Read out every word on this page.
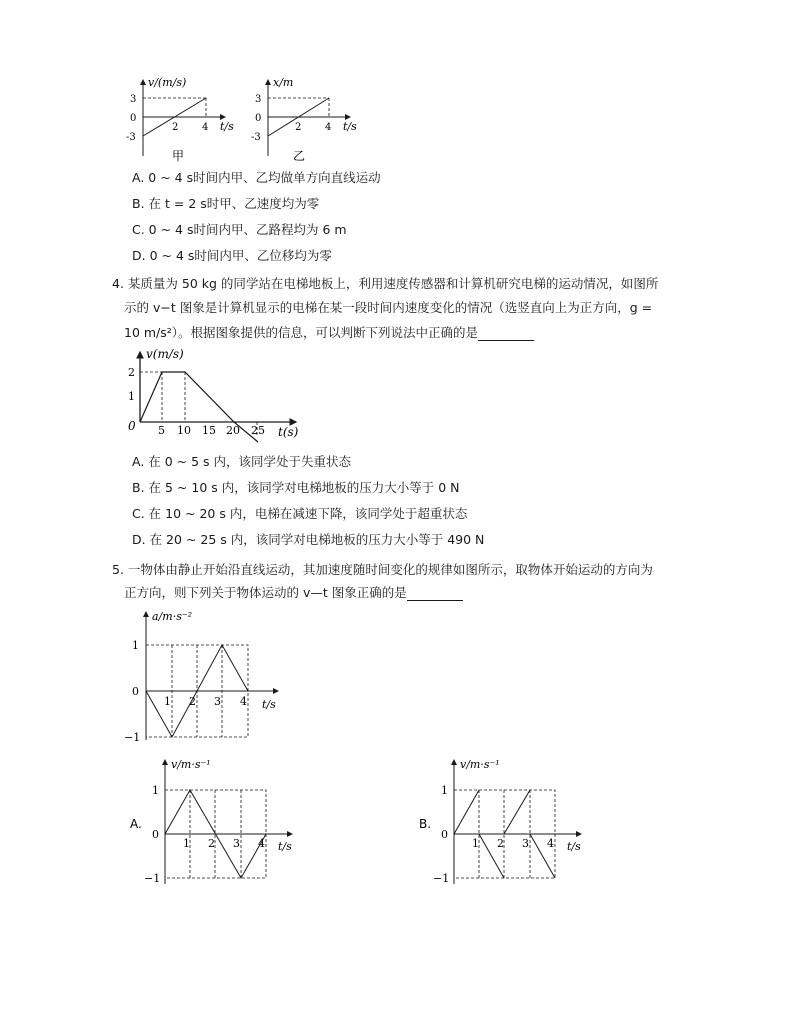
v/(m/s)
3
0
-3
2 4 t/s
甲
x/m
3
0
-3
2 4 t/s
乙
A. 0 ~ 4 s时间内甲、乙均做单方向直线运动
B. 在 t = 2 s时甲、乙速度均为零
C. 0 ~ 4 s时间内甲、乙路程均为 6 m
D. 0 ~ 4 s时间内甲、乙位移均为零
4. 某质量为 50 kg 的同学站在电梯地板上，利用速度传感器和计算机研究电梯的运动情况，如图所
示的 v−t 图象是计算机显示的电梯在某一段时间内速度变化的情况（选竖直向上为正方向，g =
10 m/s²）。根据图象提供的信息，可以判断下列说法中正确的是
v(m/s)
2
1
0 5 10 15 20 25 t(s)
A. 在 0 ~ 5 s 内，该同学处于失重状态
B. 在 5 ~ 10 s 内，该同学对电梯地板的压力大小等于 0 N
C. 在 10 ~ 20 s 内，电梯在减速下降，该同学处于超重状态
D. 在 20 ~ 25 s 内，该同学对电梯地板的压力大小等于 490 N
5. 一物体由静止开始沿直线运动，其加速度随时间变化的规律如图所示，取物体开始运动的方向为
正方向，则下列关于物体运动的 v—t 图象正确的是
a/m·s⁻²
1
0
−1
1 2 3 4 t/s
A.
v/m·s⁻¹
1
0
−1
1 2 3 4 t/s
B.
v/m·s⁻¹
1
0
−1
1 2 3 4 t/s
